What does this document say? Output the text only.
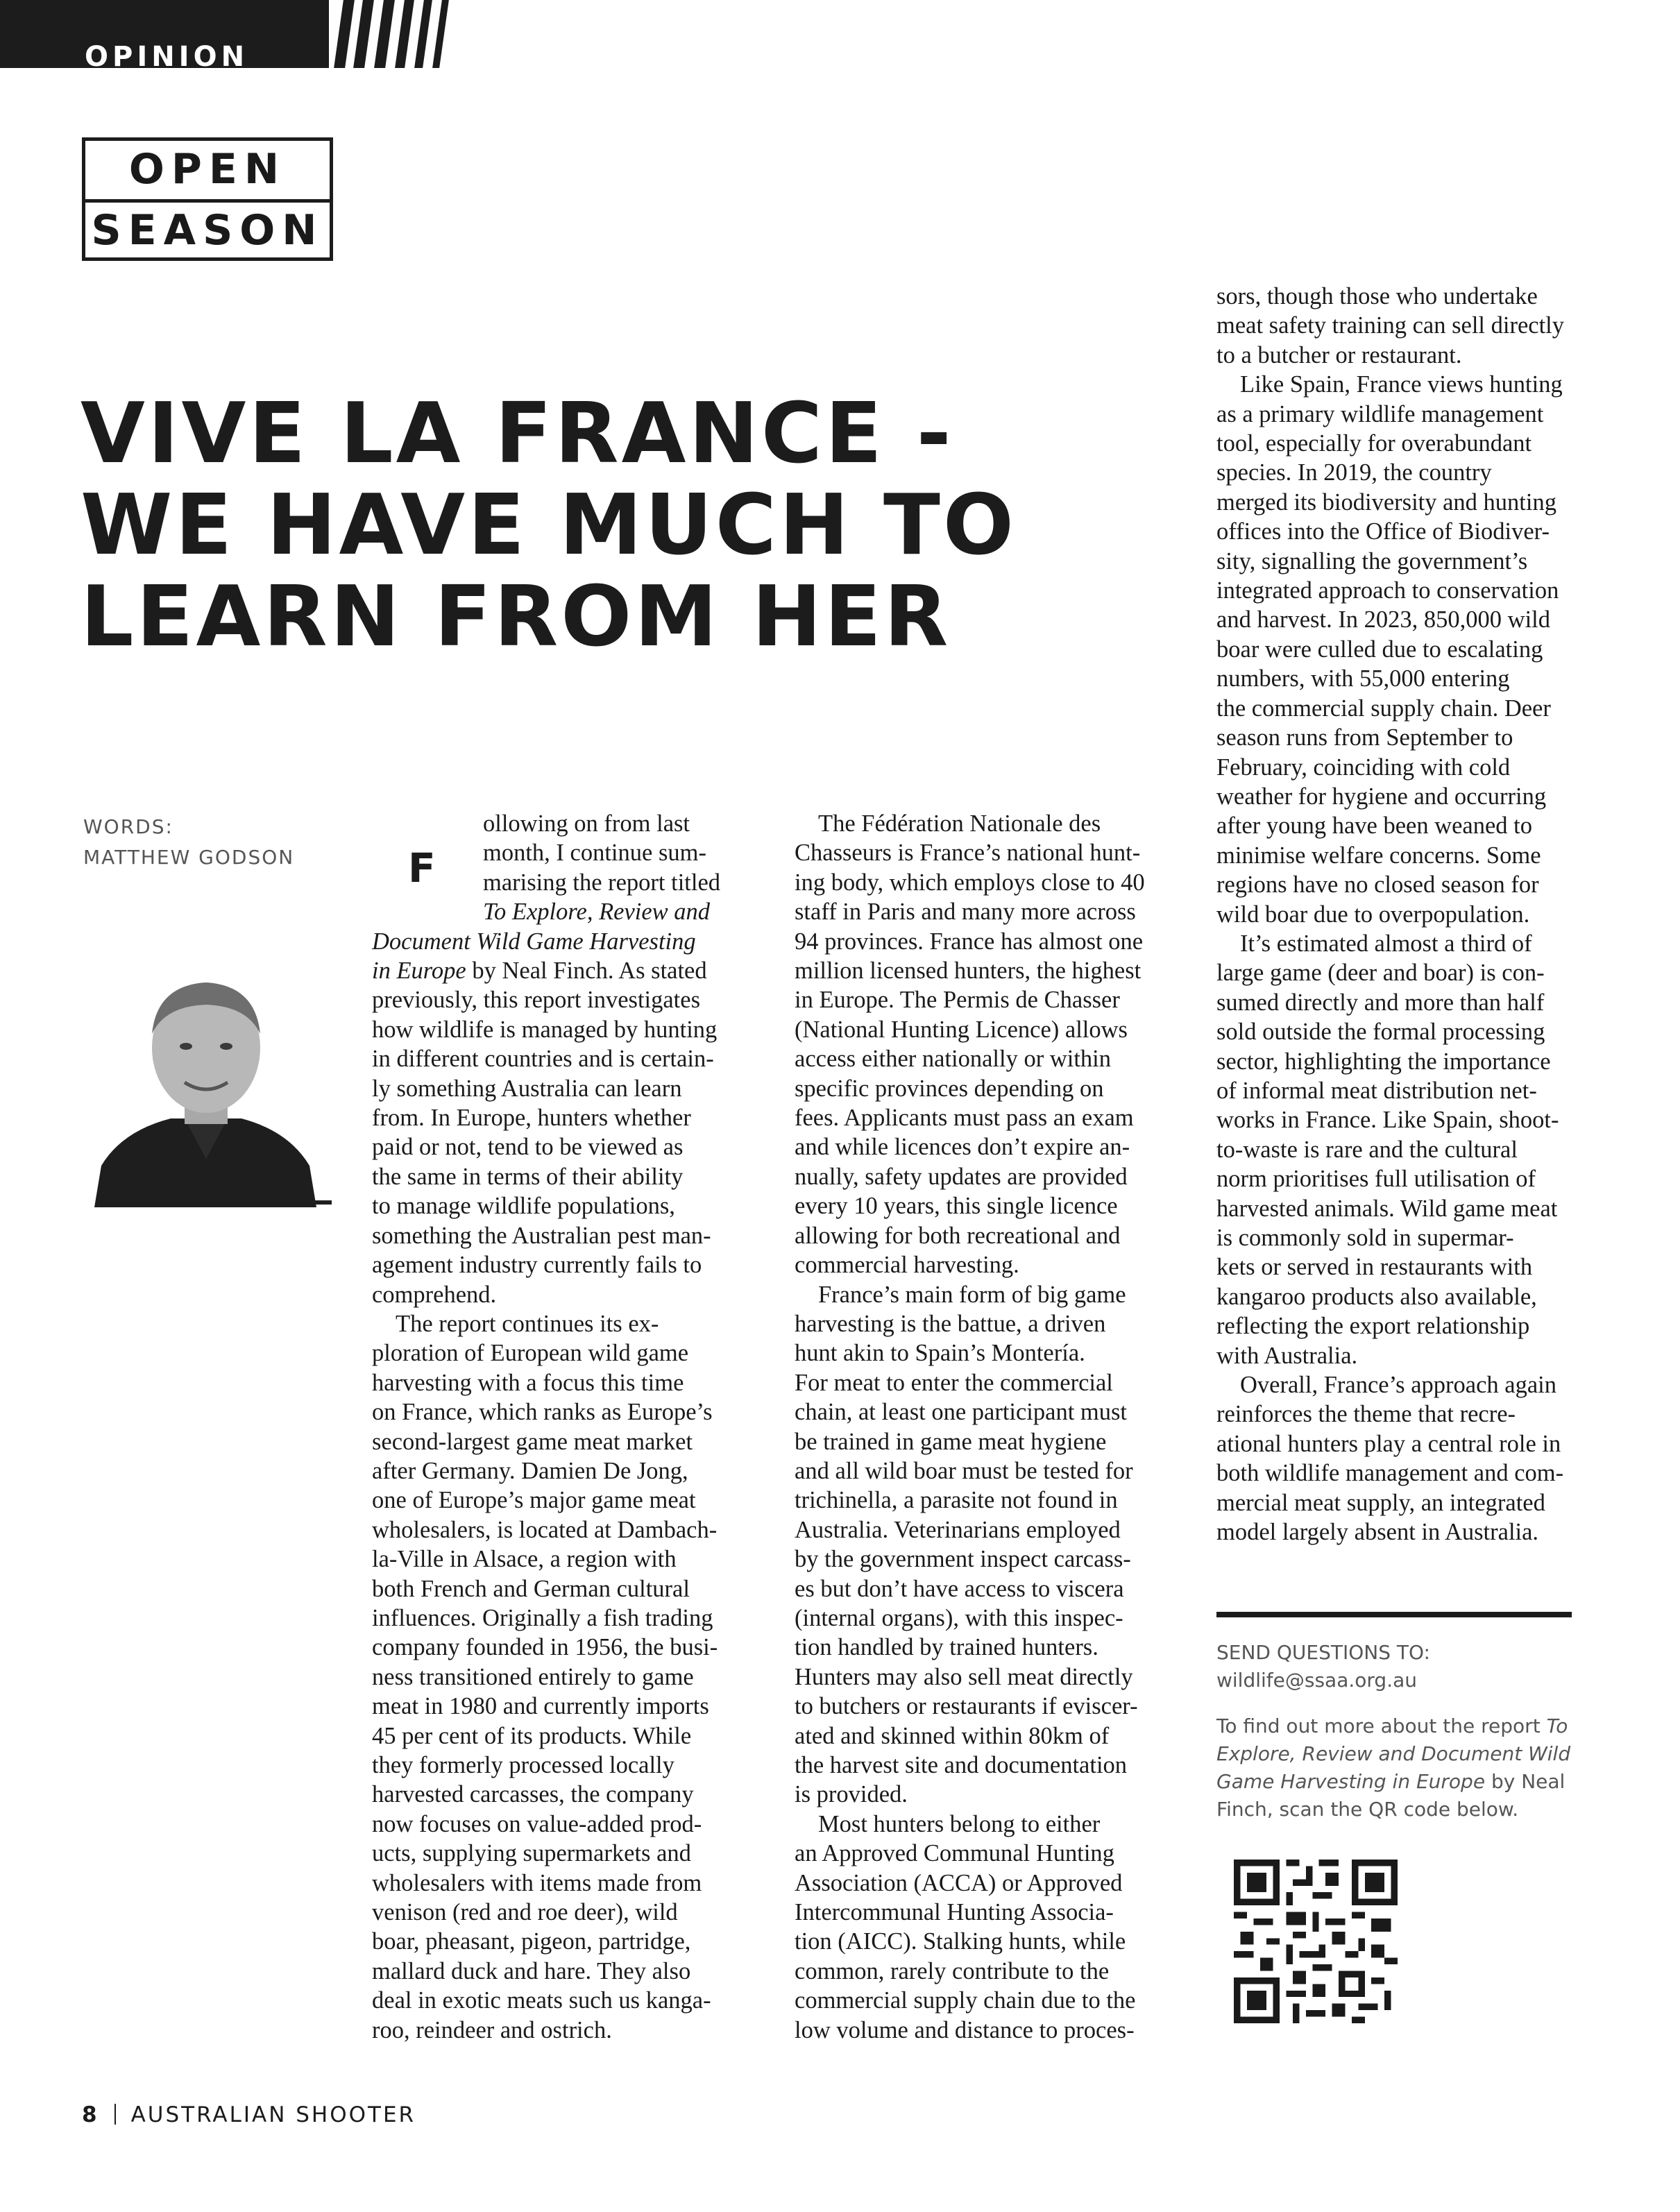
OPINION
OPEN
SEASON
VIVE LA FRANCE -
WE HAVE MUCH TO
LEARN FROM HER
WORDS:
MATTHEW GODSON	F
ollowing on from last
month, I continue sum-
marising the report titled
To Explore, Review and
Document Wild Game Harvesting
in Europe by Neal Finch. As stated
previously, this report investigates
how wildlife is managed by hunting
in different countries and is certain-
ly something Australia can learn
from. In Europe, hunters whether
paid or not, tend to be viewed as
the same in terms of their ability
to manage wildlife populations,
something the Australian pest man-
agement industry currently fails to
comprehend.
The report continues its ex-
ploration of European wild game
harvesting with a focus this time
on France, which ranks as Europe’s
second-largest game meat market
after Germany. Damien De Jong,
one of Europe’s major game meat
wholesalers, is located at Dambach-
la-Ville in Alsace, a region with
both French and German cultural
influences. Originally a fish trading
company founded in 1956, the busi-
ness transitioned entirely to game
meat in 1980 and currently imports
45 per cent of its products. While
they formerly processed locally
harvested carcasses, the company
now focuses on value-added prod-
ucts, supplying supermarkets and
wholesalers with items made from
venison (red and roe deer), wild
boar, pheasant, pigeon, partridge,
mallard duck and hare. They also
deal in exotic meats such us kanga-
roo, reindeer and ostrich.
The Fédération Nationale des
Chasseurs is France’s national hunt-
ing body, which employs close to 40
staff in Paris and many more across
94 provinces. France has almost one
million licensed hunters, the highest
in Europe. The Permis de Chasser
(National Hunting Licence) allows
access either nationally or within
specific provinces depending on
fees. Applicants must pass an exam
and while licences don’t expire an-
nually, safety updates are provided
every 10 years, this single licence
allowing for both recreational and
commercial harvesting.
France’s main form of big game
harvesting is the battue, a driven
hunt akin to Spain’s Montería.
For meat to enter the commercial
chain, at least one participant must
be trained in game meat hygiene
and all wild boar must be tested for
trichinella, a parasite not found in
Australia. Veterinarians employed
by the government inspect carcass-
es but don’t have access to viscera
(internal organs), with this inspec-
tion handled by trained hunters.
Hunters may also sell meat directly
to butchers or restaurants if eviscer-
ated and skinned within 80km of
the harvest site and documentation
is provided.
Most hunters belong to either
an Approved Communal Hunting
Association (ACCA) or Approved
Intercommunal Hunting Associa-
tion (AICC). Stalking hunts, while
common, rarely contribute to the
commercial supply chain due to the
low volume and distance to proces-
sors, though those who undertake
meat safety training can sell directly
to a butcher or restaurant.
Like Spain, France views hunting
as a primary wildlife management
tool, especially for overabundant
species. In 2019, the country
merged its biodiversity and hunting
offices into the Office of Biodiver-
sity, signalling the government’s
integrated approach to conservation
and harvest. In 2023, 850,000 wild
boar were culled due to escalating
numbers, with 55,000 entering
the commercial supply chain. Deer
season runs from September to
February, coinciding with cold
weather for hygiene and occurring
after young have been weaned to
minimise welfare concerns. Some
regions have no closed season for
wild boar due to overpopulation.
It’s estimated almost a third of
large game (deer and boar) is con-
sumed directly and more than half
sold outside the formal processing
sector, highlighting the importance
of informal meat distribution net-
works in France. Like Spain, shoot-
to-waste is rare and the cultural
norm prioritises full utilisation of
harvested animals. Wild game meat
is commonly sold in supermar-
kets or served in restaurants with
kangaroo products also available,
reflecting the export relationship
with Australia.
Overall, France’s approach again
reinforces the theme that recre-
ational hunters play a central role in
both wildlife management and com-
mercial meat supply, an integrated
model largely absent in Australia.
SEND QUESTIONS TO:
wildlife@ssaa.org.au
To find out more about the report To Explore, Review and Document Wild Game Harvesting in Europe by Neal Finch, scan the QR code below.
8 AUSTRALIAN SHOOTER
